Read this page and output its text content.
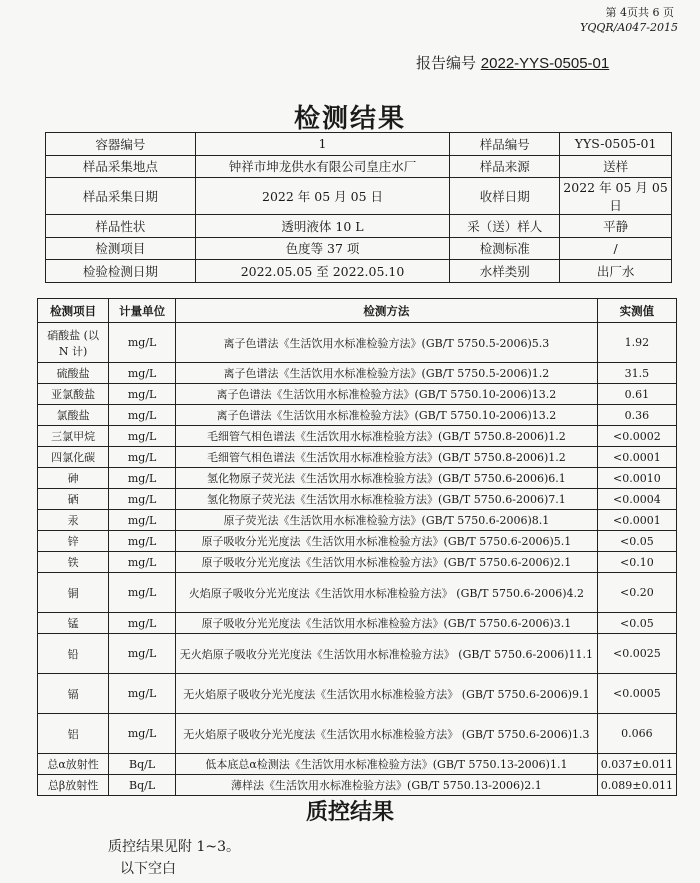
第 4页共 6 页
YQQR/A047-2015
报告编号 2022-YYS-0505-01
检测结果
容器编号	1	样品编号	YYS-0505-01
样品采集地点	钟祥市坤龙供水有限公司皇庄水厂	样品来源	送样
样品采集日期	2022 年 05 月 05 日	收样日期	2022 年 05 月 05 日
样品性状	透明液体 10 L	采（送）样人	平静
检测项目	色度等 37 项	检测标准	/
检验检测日期	2022.05.05 至 2022.05.10	水样类别	出厂水
检测项目	计量单位	检测方法	实测值
硝酸盐 (以 N 计)	mg/L	离子色谱法《生活饮用水标准检验方法》(GB/T 5750.5-2006)5.3	1.92
硫酸盐	mg/L	离子色谱法《生活饮用水标准检验方法》(GB/T 5750.5-2006)1.2	31.5
亚氯酸盐	mg/L	离子色谱法《生活饮用水标准检验方法》(GB/T 5750.10-2006)13.2	0.61
氯酸盐	mg/L	离子色谱法《生活饮用水标准检验方法》(GB/T 5750.10-2006)13.2	0.36
三氯甲烷	mg/L	毛细管气相色谱法《生活饮用水标准检验方法》(GB/T 5750.8-2006)1.2	<0.0002
四氯化碳	mg/L	毛细管气相色谱法《生活饮用水标准检验方法》(GB/T 5750.8-2006)1.2	<0.0001
砷	mg/L	氢化物原子荧光法《生活饮用水标准检验方法》(GB/T 5750.6-2006)6.1	<0.0010
硒	mg/L	氢化物原子荧光法《生活饮用水标准检验方法》(GB/T 5750.6-2006)7.1	<0.0004
汞	mg/L	原子荧光法《生活饮用水标准检验方法》(GB/T 5750.6-2006)8.1	<0.0001
锌	mg/L	原子吸收分光光度法《生活饮用水标准检验方法》(GB/T 5750.6-2006)5.1	<0.05
铁	mg/L	原子吸收分光光度法《生活饮用水标准检验方法》(GB/T 5750.6-2006)2.1	<0.10
铜	mg/L	火焰原子吸收分光光度法《生活饮用水标准检验方法》 (GB/T 5750.6-2006)4.2	<0.20
锰	mg/L	原子吸收分光光度法《生活饮用水标准检验方法》(GB/T 5750.6-2006)3.1	<0.05
铅	mg/L	无火焰原子吸收分光光度法《生活饮用水标准检验方法》 (GB/T 5750.6-2006)11.1	<0.0025
镉	mg/L	无火焰原子吸收分光光度法《生活饮用水标准检验方法》 (GB/T 5750.6-2006)9.1	<0.0005
铝	mg/L	无火焰原子吸收分光光度法《生活饮用水标准检验方法》 (GB/T 5750.6-2006)1.3	0.066
总α放射性	Bq/L	低本底总α检测法《生活饮用水标准检验方法》(GB/T 5750.13-2006)1.1	0.037±0.011
总β放射性	Bq/L	薄样法《生活饮用水标准检验方法》(GB/T 5750.13-2006)2.1	0.089±0.011
质控结果
质控结果见附 1~3。
以下空白
